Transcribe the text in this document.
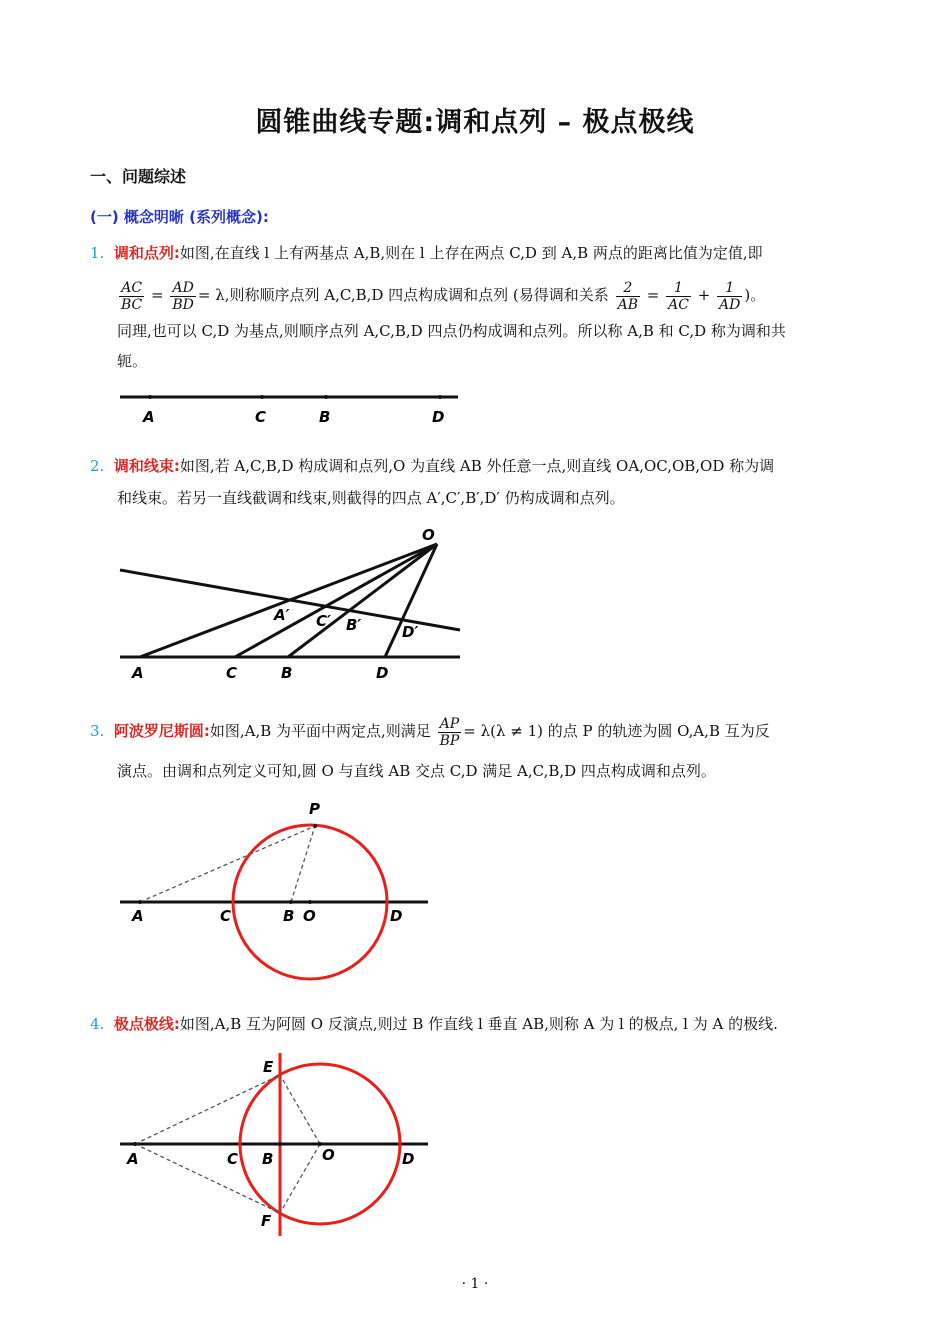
圆锥曲线专题:调和点列 – 极点极线
一、问题综述
(一) 概念明晰 (系列概念):
1. 调和点列:如图,在直线 l 上有两基点 A,B,则在 l 上存在两点 C,D 到 A,B 两点的距离比值为定值,即
$\frac{AC}{BC} = \frac{AD}{BD} = \lambda$,则称顺序点列 A,C,B,D 四点构成调和点列 (易得调和关系 $\frac{2}{AB} = \frac{1}{AC} + \frac{1}{AD}$ )。
同理,也可以 C,D 为基点,则顺序点列 A,C,B,D 四点仍构成调和点列。所以称 A,B 和 C,D 称为调和共
轭。
A	C	B	D
2. 调和线束:如图,若 A,C,B,D 构成调和点列,O 为直线 AB 外任意一点,则直线 OA,OC,OB,OD 称为调
和线束。若另一直线截调和线束,则截得的四点 A′,C′,B′,D′ 仍构成调和点列。
O
A′ C′ B′	D′
A	C	B	D
3. 阿波罗尼斯圆:如图,A,B 为平面中两定点,则满足 $\frac{AP}{BP} = \lambda(\lambda \ne 1)$ 的点 P 的轨迹为圆 O,A,B 互为反
演点。由调和点列定义可知,圆 O 与直线 AB 交点 C,D 满足 A,C,B,D 四点构成调和点列。
P
A	C	B O	D
4. 极点极线:如图,A,B 互为阿圆 O 反演点,则过 B 作直线 l 垂直 AB,则称 A 为 l 的极点, l 为 A 的极线.
E
A	C B	O	D
F
· 1 ·
